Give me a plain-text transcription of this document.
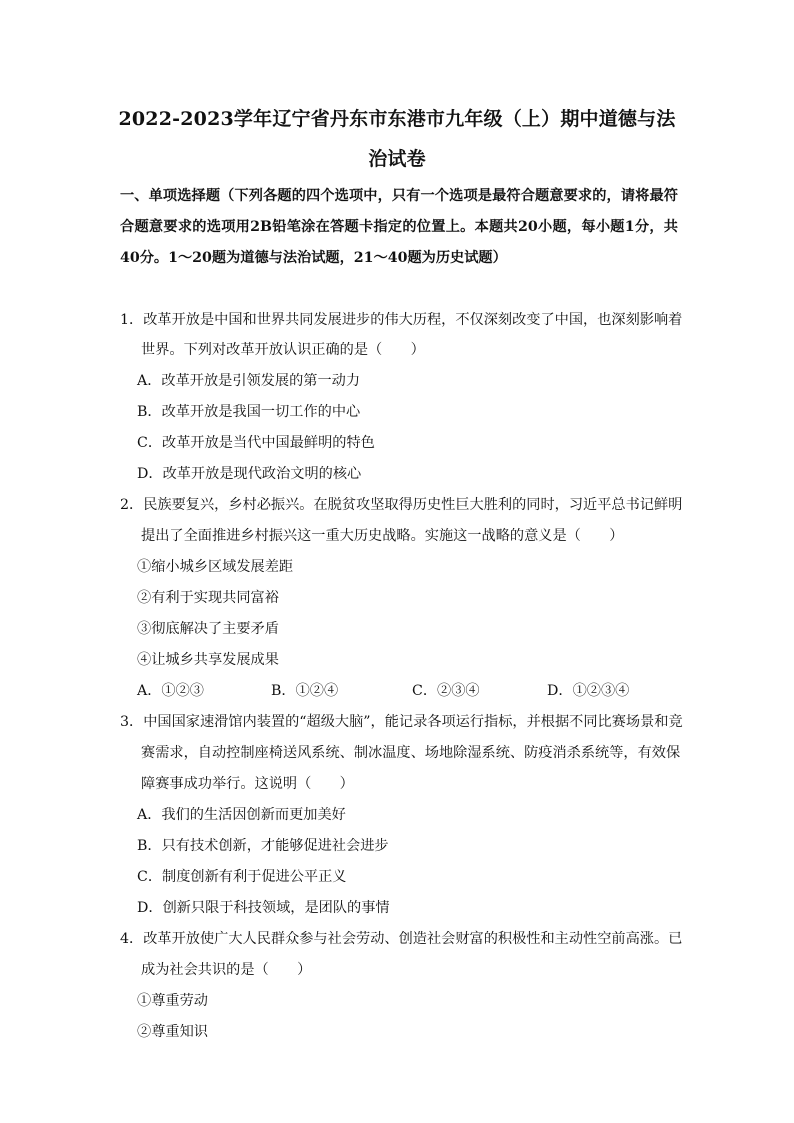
2022-2023学年辽宁省丹东市东港市九年级（上）期中道德与法
治试卷
一、单项选择题（下列各题的四个选项中，只有一个选项是最符合题意要求的，请将最符合题意要求的选项用2B铅笔涂在答题卡指定的位置上。本题共20小题，每小题1分，共40分。1～20题为道德与法治试题，21～40题为历史试题）
1．改革开放是中国和世界共同发展进步的伟大历程，不仅深刻改变了中国，也深刻影响着
世界。下列对改革开放认识正确的是（　　）
A．改革开放是引领发展的第一动力
B．改革开放是我国一切工作的中心
C．改革开放是当代中国最鲜明的特色
D．改革开放是现代政治文明的核心
2．民族要复兴，乡村必振兴。在脱贫攻坚取得历史性巨大胜利的同时，习近平总书记鲜明
提出了全面推进乡村振兴这一重大历史战略。实施这一战略的意义是（　　）
①缩小城乡区域发展差距
②有利于实现共同富裕
③彻底解决了主要矛盾
④让城乡共享发展成果
A．①②③	B．①②④	C．②③④	D．①②③④
3．中国国家速滑馆内装置的“超级大脑”，能记录各项运行指标，并根据不同比赛场景和竞
赛需求，自动控制座椅送风系统、制冰温度、场地除湿系统、防疫消杀系统等，有效保
障赛事成功举行。这说明（　　）
A．我们的生活因创新而更加美好
B．只有技术创新，才能够促进社会进步
C．制度创新有利于促进公平正义
D．创新只限于科技领域，是团队的事情
4．改革开放使广大人民群众参与社会劳动、创造社会财富的积极性和主动性空前高涨。已
成为社会共识的是（　　）
①尊重劳动
②尊重知识
